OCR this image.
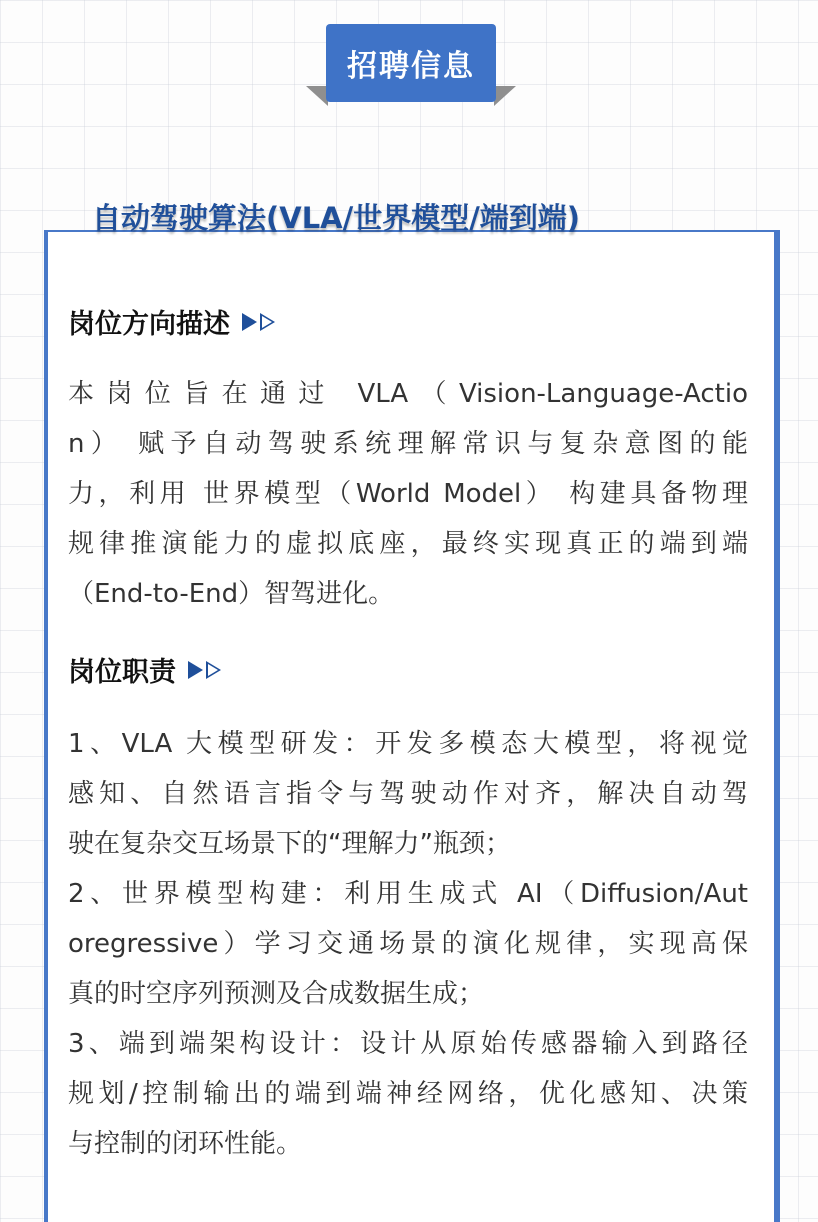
招聘信息
自动驾驶算法(VLA/世界模型/端到端)
岗位方向描述
本岗位旨在通过 VLA（Vision-Language-Actio
n） 赋予自动驾驶系统理解常识与复杂意图的能
力，利用 世界模型（World Model） 构建具备物理
规律推演能力的虚拟底座，最终实现真正的端到端
（End-to-End）智驾进化。
岗位职责
1、VLA 大模型研发：开发多模态大模型，将视觉
感知、自然语言指令与驾驶动作对齐，解决自动驾
驶在复杂交互场景下的“理解力”瓶颈；
2、世界模型构建：利用生成式 AI（Diffusion/Aut
oregressive）学习交通场景的演化规律，实现高保
真的时空序列预测及合成数据生成；
3、端到端架构设计：设计从原始传感器输入到路径
规划/控制输出的端到端神经网络，优化感知、决策
与控制的闭环性能。
